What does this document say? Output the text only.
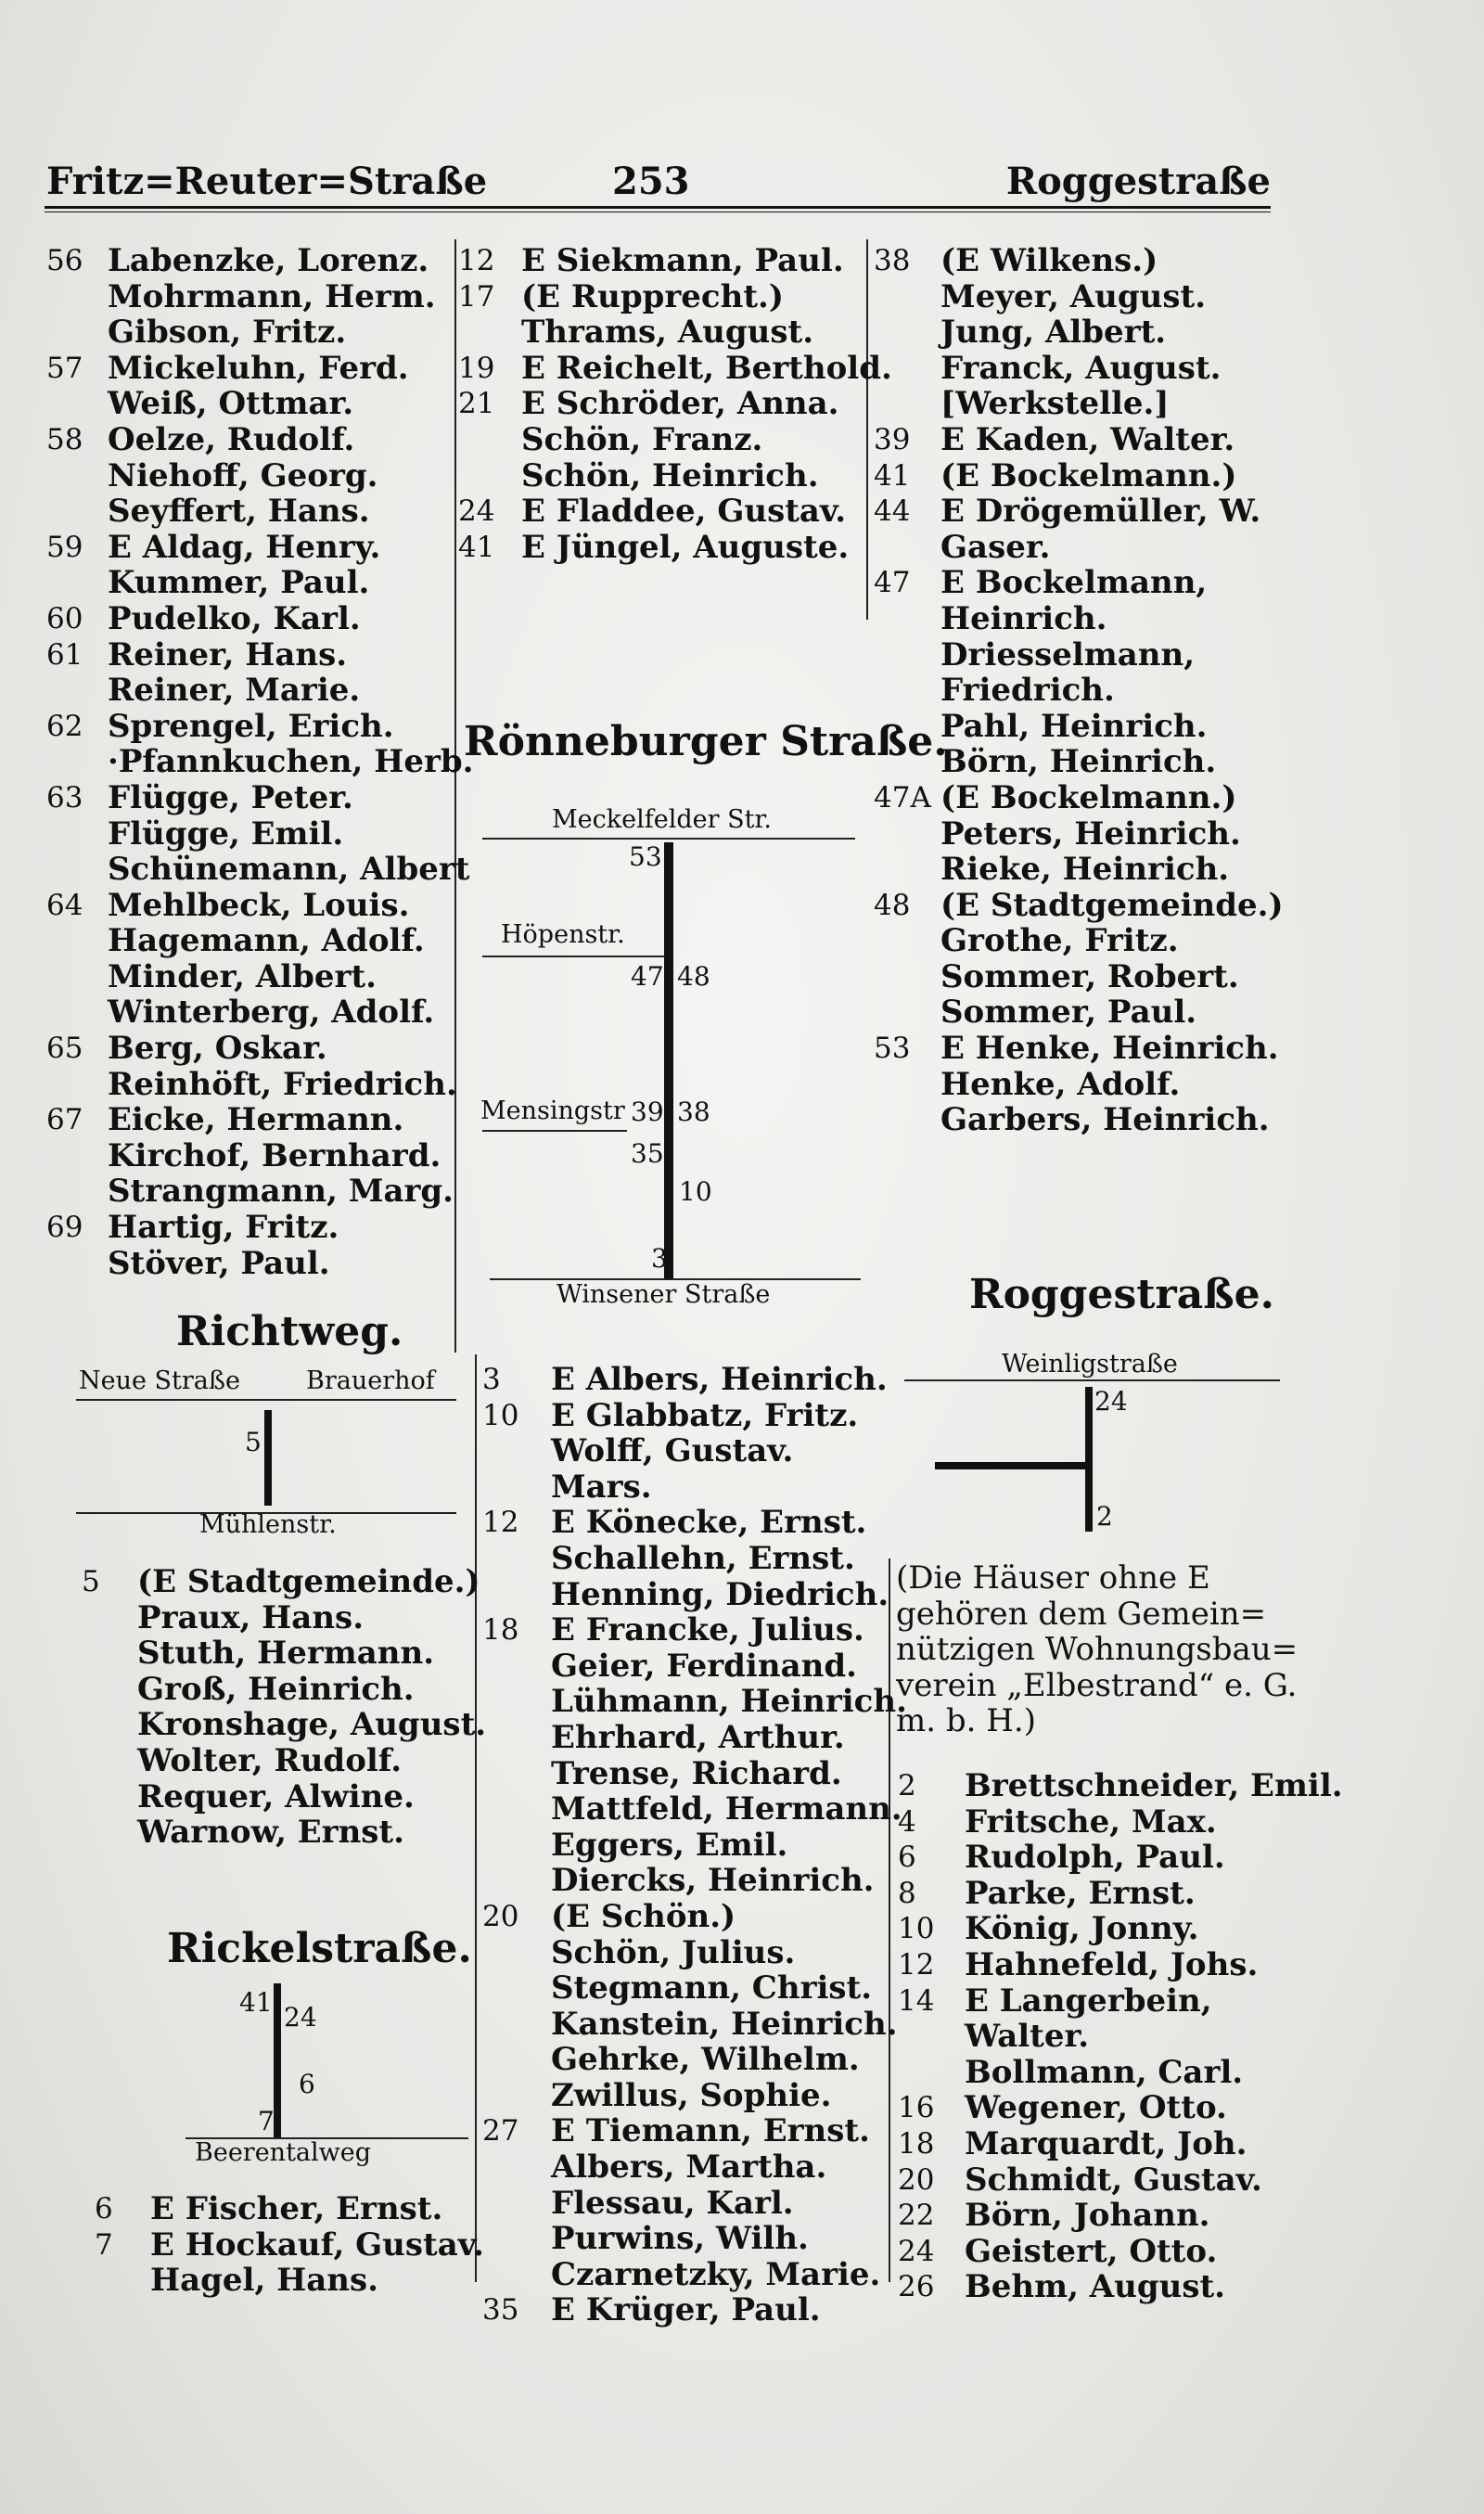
Fritz=Reuter=Straße	253	Roggestraße
56 Labenzke, Lorenz.
Mohrmann, Herm.
Gibson, Fritz.
57 Mickeluhn, Ferd.
Weiß, Ottmar.
58 Oelze, Rudolf.
Niehoff, Georg.
Seyffert, Hans.
59 E Aldag, Henry.
Kummer, Paul.
60 Pudelko, Karl.
61 Reiner, Hans.
Reiner, Marie.
62 Sprengel, Erich.
·Pfannkuchen, Herb.
63 Flügge, Peter.
Flügge, Emil.
Schünemann, Albert
64 Mehlbeck, Louis.
Hagemann, Adolf.
Minder, Albert.
Winterberg, Adolf.
65 Berg, Oskar.
Reinhöft, Friedrich.
67 Eicke, Hermann.
Kirchof, Bernhard.
Strangmann, Marg.
69 Hartig, Fritz.
Stöver, Paul.
Richtweg.
Neue Straße	Brauerhof
5
Mühlenstr.
5	(E Stadtgemeinde.)
Praux, Hans.
Stuth, Hermann.
Groß, Heinrich.
Kronshage, August.
Wolter, Rudolf.
Requer, Alwine.
Warnow, Ernst.
Rickelstraße.
41 24
6
7
Beerentalweg
6	E Fischer, Ernst.
7	E Hockauf, Gustav.
Hagel, Hans.
12 E Siekmann, Paul.
17 (E Rupprecht.)
Thrams, August.
19 E Reichelt, Berthold.
21 E Schröder, Anna.
Schön, Franz.
Schön, Heinrich.
24 E Fladdee, Gustav.
41 E Jüngel, Auguste.
Rönneburger Straße.
Meckelfelder Str.
53
Höpenstr.
47 48
Mensingstr 39 38
35
10
3
Winsener Straße
3	E Albers, Heinrich.
10	E Glabbatz, Fritz.
Wolff, Gustav.
Mars.
12	E Könecke, Ernst.
Schallehn, Ernst.
Henning, Diedrich.
18	E Francke, Julius.
Geier, Ferdinand.
Lühmann, Heinrich.
Ehrhard, Arthur.
Trense, Richard.
Mattfeld, Hermann.
Eggers, Emil.
Diercks, Heinrich.
20	(E Schön.)
Schön, Julius.
Stegmann, Christ.
Kanstein, Heinrich.
Gehrke, Wilhelm.
Zwillus, Sophie.
27	E Tiemann, Ernst.
Albers, Martha.
Flessau, Karl.
Purwins, Wilh.
Czarnetzky, Marie.
35	E Krüger, Paul.
38 (E Wilkens.)
Meyer, August.
Jung, Albert.
Franck, August.
[Werkstelle.]
39 E Kaden, Walter.
41 (E Bockelmann.)
44 E Drögemüller, W.
Gaser.
47 E Bockelmann,
Heinrich.
Driesselmann,
Friedrich.
Pahl, Heinrich.
Börn, Heinrich.
47A (E Bockelmann.)
Peters, Heinrich.
Rieke, Heinrich.
48 (E Stadtgemeinde.)
Grothe, Fritz.
Sommer, Robert.
Sommer, Paul.
53 E Henke, Heinrich.
Henke, Adolf.
Garbers, Heinrich.
Roggestraße.
Weinligstraße
24
2
(Die Häuser ohne E
gehören dem Gemein=
nützigen Wohnungsbau=
verein „Elbestrand“ e. G.
m. b. H.)
2	Brettschneider, Emil.
4	Fritsche, Max.
6	Rudolph, Paul.
8	Parke, Ernst.
10 König, Jonny.
12 Hahnefeld, Johs.
14 E Langerbein,
Walter.
Bollmann, Carl.
16 Wegener, Otto.
18 Marquardt, Joh.
20 Schmidt, Gustav.
22 Börn, Johann.
24 Geistert, Otto.
26 Behm, August.
